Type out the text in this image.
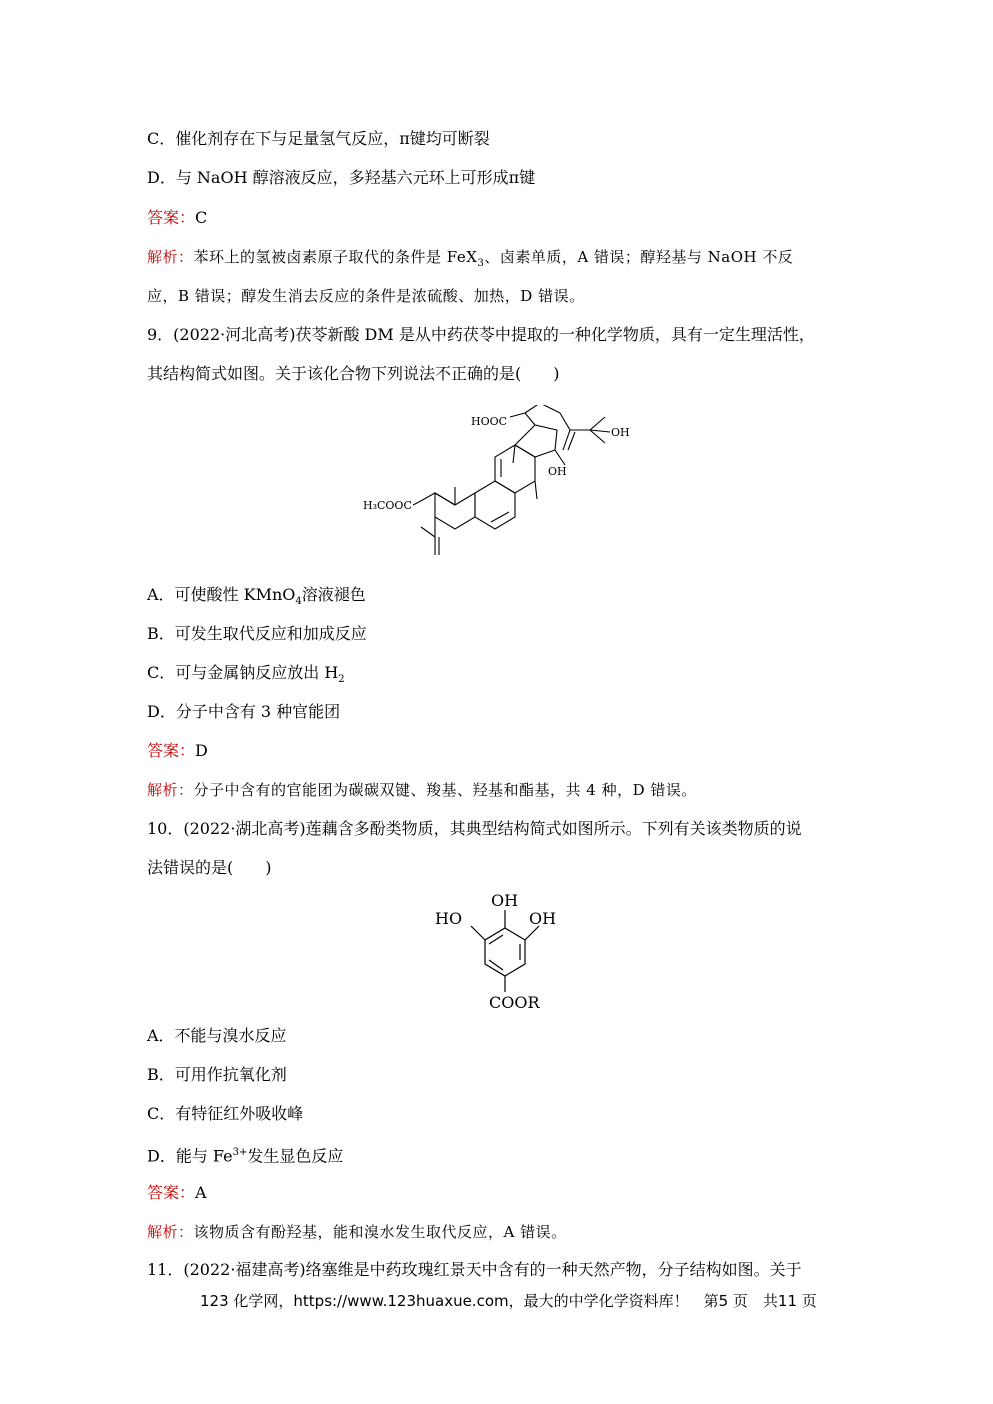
C．催化剂存在下与足量氢气反应，π键均可断裂
D．与 NaOH 醇溶液反应，多羟基六元环上可形成π键
答案：C
解析：苯环上的氢被卤素原子取代的条件是 FeX$_3$、卤素单质，A 错误；醇羟基与 NaOH 不反
应，B 错误；醇发生消去反应的条件是浓硫酸、加热，D 错误。
9．(2022·河北高考)茯苓新酸 DM 是从中药茯苓中提取的一种化学物质，具有一定生理活性，
其结构简式如图。关于该化合物下列说法不正确的是(　　)
HOOC
OH
OH
H₃COOC
A．可使酸性 KMnO$_4$溶液褪色
B．可发生取代反应和加成反应
C．可与金属钠反应放出 $H_2$
D．分子中含有 3 种官能团
答案：D
解析：分子中含有的官能团为碳碳双键、羧基、羟基和酯基，共 4 种，D 错误。
10．(2022·湖北高考)莲藕含多酚类物质，其典型结构简式如图所示。下列有关该类物质的说
法错误的是(　　)
OH
HO	OH
COOR
A．不能与溴水反应
B．可用作抗氧化剂
C．有特征红外吸收峰
D．能与 $Fe^{3+}$发生显色反应
答案：A
解析：该物质含有酚羟基，能和溴水发生取代反应，A 错误。
11．(2022·福建高考)络塞维是中药玫瑰红景天中含有的一种天然产物，分子结构如图。关于
123 化学网，https://www.123huaxue.com，最大的中学化学资料库！　第5 页　共11 页
